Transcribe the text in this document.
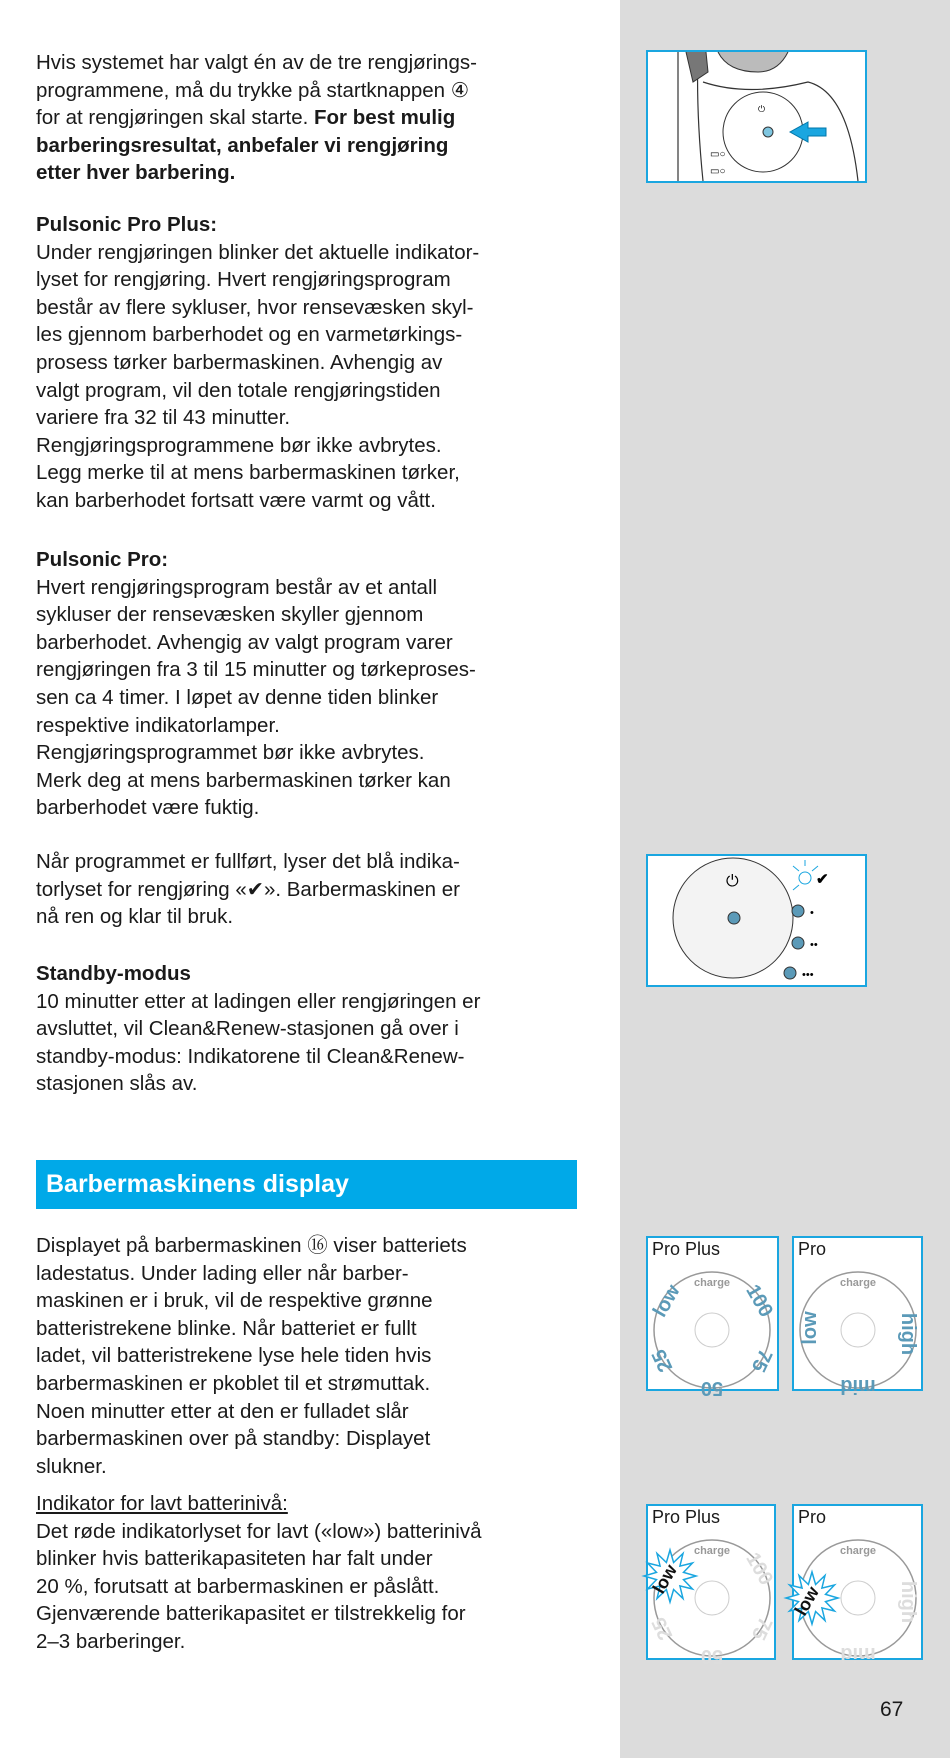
Hvis systemet har valgt én av de tre rengjørings-
programmene, må du trykke på startknappen ④
for at rengjøringen skal starte. For best mulig
barberingsresultat, anbefaler vi rengjøring
etter hver barbering.
Pulsonic Pro Plus:
Under rengjøringen blinker det aktuelle indikator-
lyset for rengjøring. Hvert rengjøringsprogram
består av flere sykluser, hvor rensevæsken skyl-
les gjennom barberhodet og en varmetørkings-
prosess tørker barbermaskinen. Avhengig av
valgt program, vil den totale rengjøringstiden
variere fra 32 til 43 minutter.
Rengjøringsprogrammene bør ikke avbrytes.
Legg merke til at mens barbermaskinen tørker,
kan barberhodet fortsatt være varmt og vått.
Pulsonic Pro:
Hvert rengjøringsprogram består av et antall
sykluser der rensevæsken skyller gjennom
barberhodet. Avhengig av valgt program varer
rengjøringen fra 3 til 15 minutter og tørkeproses-
sen ca 4 timer. I løpet av denne tiden blinker
respektive indikatorlamper.
Rengjøringsprogrammet bør ikke avbrytes.
Merk deg at mens barbermaskinen tørker kan
barberhodet være fuktig.
Når programmet er fullført, lyser det blå indika-
torlyset for rengjøring «✔». Barbermaskinen er
nå ren og klar til bruk.
Standby-modus
10 minutter etter at ladingen eller rengjøringen er
avsluttet, vil Clean&Renew-stasjonen gå over i
standby-modus: Indikatorene til Clean&Renew-
stasjonen slås av.
Barbermaskinens display
Displayet på barbermaskinen ⑯ viser batteriets
ladestatus. Under lading eller når barber-
maskinen er i bruk, vil de respektive grønne
batteristrekene blinke. Når batteriet er fullt
ladet, vil batteristrekene lyse hele tiden hvis
barbermaskinen er pkoblet til et strømuttak.
Noen minutter etter at den er fulladet slår
barbermaskinen over på standby: Displayet
slukner.
Indikator for lavt batterinivå:
Det røde indikatorlyset for lavt («low») batterinivå
blinker hvis batterikapasiteten har falt under
20 %, forutsatt at barbermaskinen er påslått.
Gjenværende batterikapasitet er tilstrekkelig for
2–3 barberinger.
⏻
▭○
▭○
⏻	✔
•
••
•••
charge
low	100
25	75
50
Pro Plus
charge
low	high
mid
Pro
charge 100
25	75
50
low
Pro Plus
charge
high
mid
low
Pro
67
